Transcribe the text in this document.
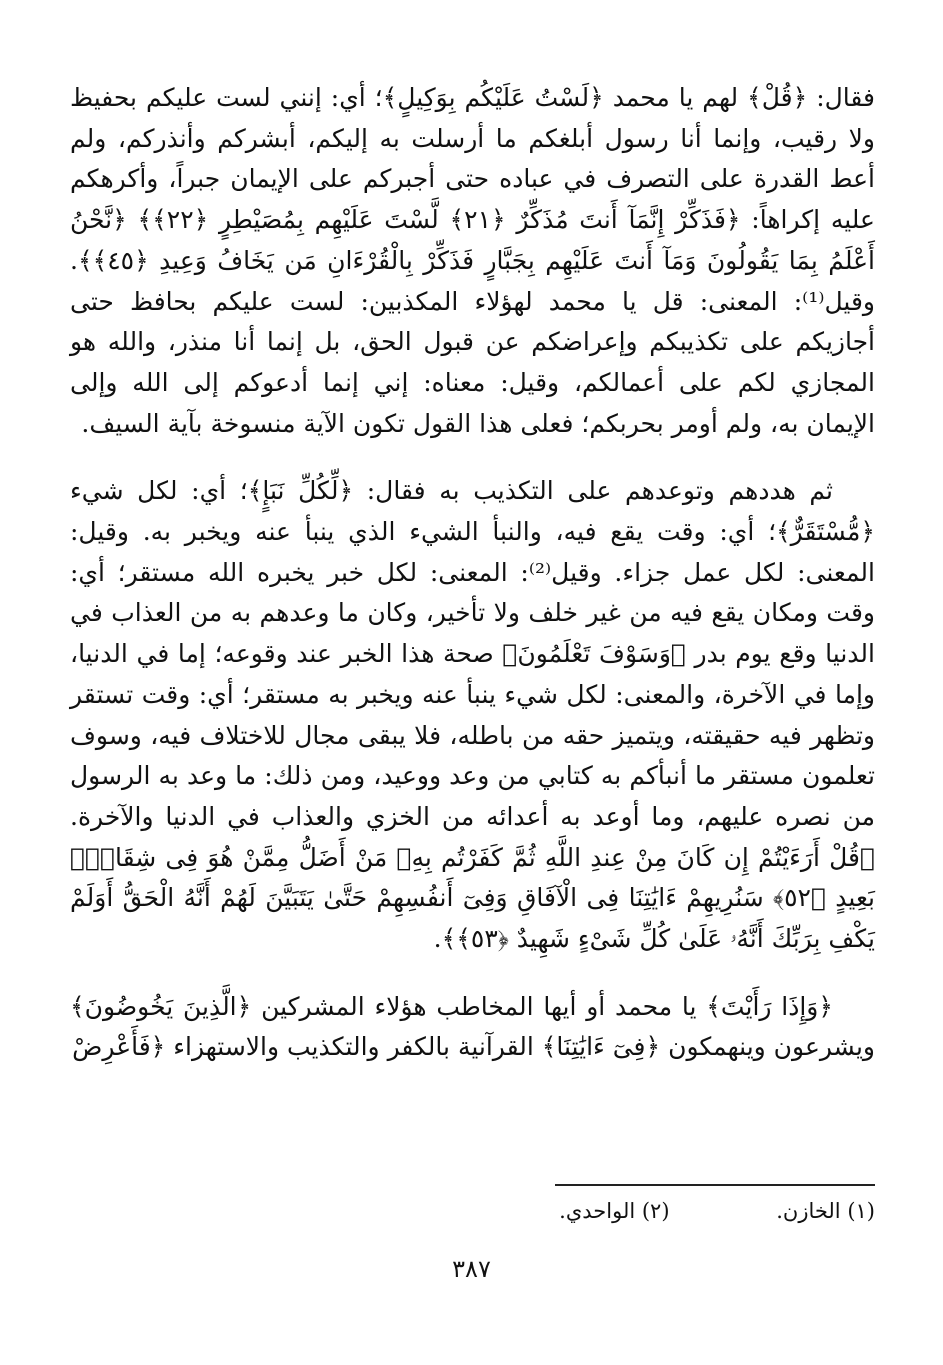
فقال: ﴿قُلْ﴾ لهم يا محمد ﴿لَسْتُ عَلَيْكُم بِوَكِيلٍ﴾؛ أي: إنني لست عليكم بحفيظ ولا رقيب، وإنما أنا رسول أبلغكم ما أرسلت به إليكم، أبشركم وأنذركم، ولم أعط القدرة على التصرف في عباده حتى أجبركم على الإيمان جبراً، وأكرهكم عليه إكراهاً: ﴿فَذَكِّرْ إِنَّمَآ أَنتَ مُذَكِّرٌ ﴿٢١﴾ لَّسْتَ عَلَيْهِم بِمُصَيْطِرٍ ﴿٢٢﴾﴾ ﴿نَّحْنُ أَعْلَمُ بِمَا يَقُولُونَ وَمَآ أَنتَ عَلَيْهِم بِجَبَّارٍ فَذَكِّرْ بِالْقُرْءَانِ مَن يَخَافُ وَعِيدِ ﴿٤٥﴾﴾. وقيل⁽¹⁾: المعنى: قل يا محمد لهؤلاء المكذبين: لست عليكم بحافظ حتى أجازيكم على تكذيبكم وإعراضكم عن قبول الحق، بل إنما أنا منذر، والله هو المجازي لكم على أعمالكم، وقيل: معناه: إني إنما أدعوكم إلى الله وإلى الإيمان به، ولم أومر بحربكم؛ فعلى هذا القول تكون الآية منسوخة بآية السيف.

ثم هددهم وتوعدهم على التكذيب به فقال: ﴿لِّكُلِّ نَبَإٍ﴾؛ أي: لكل شيء ﴿مُّسْتَقَرٌّ﴾؛ أي: وقت يقع فيه، والنبأ الشيء الذي ينبأ عنه ويخبر به. وقيل: المعنى: لكل عمل جزاء. وقيل⁽²⁾: المعنى: لكل خبر يخبره الله مستقر؛ أي: وقت ومكان يقع فيه من غير خلف ولا تأخير، وكان ما وعدهم به من العذاب في الدنيا وقع يوم بدر ﴿وَسَوْفَ تَعْلَمُونَ﴾ صحة هذا الخبر عند وقوعه؛ إما في الدنيا، وإما في الآخرة، والمعنى: لكل شيء ينبأ عنه ويخبر به مستقر؛ أي: وقت تستقر وتظهر فيه حقيقته، ويتميز حقه من باطله، فلا يبقى مجال للاختلاف فيه، وسوف تعلمون مستقر ما أنبأكم به كتابي من وعد ووعيد، ومن ذلك: ما وعد به الرسول من نصره عليهم، وما أوعد به أعدائه من الخزي والعذاب في الدنيا والآخرة. ﴿قُلْ أَرَءَيْتُمْ إِن كَانَ مِنْ عِندِ اللَّهِ ثُمَّ كَفَرْتُم بِهِۦ مَنْ أَضَلُّ مِمَّنْ هُوَ فِى شِقَاقٍۭ بَعِيدٍ ﴿٥٢﴾ سَنُرِيهِمْ ءَايَٰتِنَا فِى الْآفَاقِ وَفِىٓ أَنفُسِهِمْ حَتَّىٰ يَتَبَيَّنَ لَهُمْ أَنَّهُ الْحَقُّ أَوَلَمْ يَكْفِ بِرَبِّكَ أَنَّهُۥ عَلَىٰ كُلِّ شَىْءٍ شَهِيدٌ ﴿٥٣﴾﴾.

﴿وَإِذَا رَأَيْتَ﴾ يا محمد أو أيها المخاطب هؤلاء المشركين ﴿الَّذِينَ يَخُوضُونَ﴾ ويشرعون وينهمكون ﴿فِىٓ ءَايَٰتِنَا﴾ القرآنية بالكفر والتكذيب والاستهزاء ﴿فَأَعْرِضْ

(١) الخازن. (٢) الواحدي.
٣٨٧
